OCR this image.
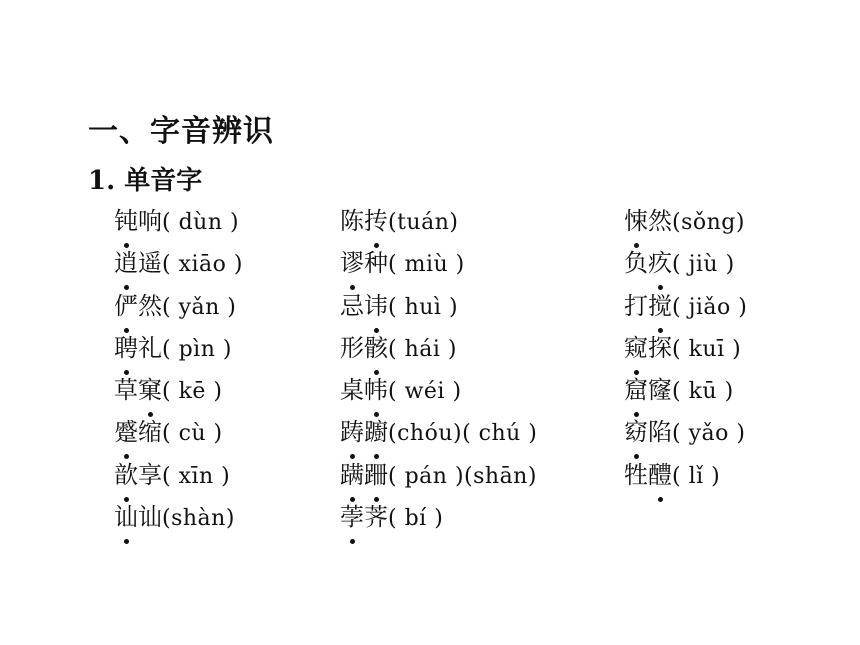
一、字音辨识
1. 单音字
钝响( dùn )
逍遥( xiāo )
俨然( yǎn )
聘礼( pìn )
草窠( kē )
蹙缩( cù )
歆享( xīn )
讪讪(shàn)
陈抟(tuán)
谬种( miù )
忌讳( huì )
形骸( hái )
桌帏( wéi )
踌躕(chóu)( chú )
蹒跚( pán )(shān)
荸荠( bí )
悚然(sǒng)
负疚( jiù )
打搅( jiǎo )
窥探( kuī )
窟窿( kū )
窈陷( yǎo )
牲醴( lǐ )
